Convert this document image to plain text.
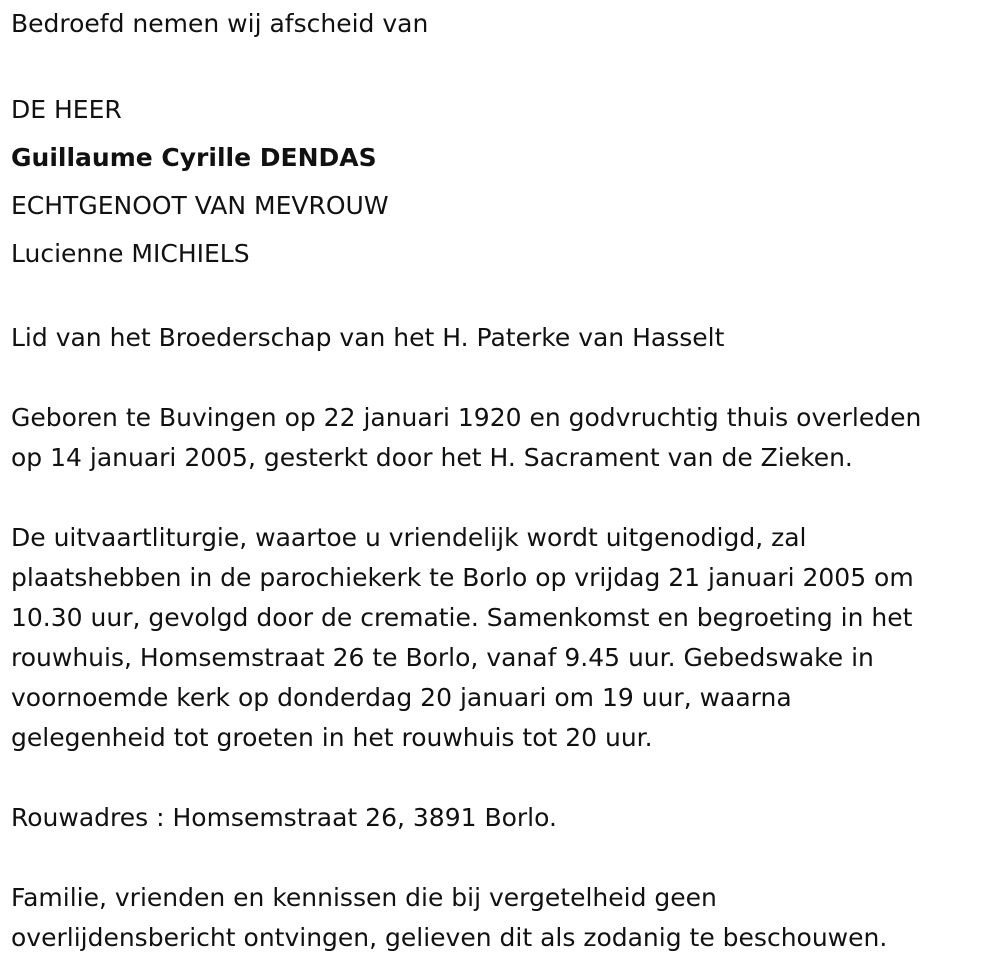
Bedroefd nemen wij afscheid van

DE HEER

Guillaume Cyrille DENDAS

ECHTGENOOT VAN MEVROUW

Lucienne MICHIELS

Lid van het Broederschap van het H. Paterke van Hasselt

Geboren te Buvingen op 22 januari 1920 en godvruchtig thuis overleden

op 14 januari 2005, gesterkt door het H. Sacrament van de Zieken.

De uitvaartliturgie, waartoe u vriendelijk wordt uitgenodigd, zal

plaatshebben in de parochiekerk te Borlo op vrijdag 21 januari 2005 om

10.30 uur, gevolgd door de crematie. Samenkomst en begroeting in het

rouwhuis, Homsemstraat 26 te Borlo, vanaf 9.45 uur. Gebedswake in

voornoemde kerk op donderdag 20 januari om 19 uur, waarna

gelegenheid tot groeten in het rouwhuis tot 20 uur.

Rouwadres : Homsemstraat 26, 3891 Borlo.

Familie, vrienden en kennissen die bij vergetelheid geen

overlijdensbericht ontvingen, gelieven dit als zodanig te beschouwen.
